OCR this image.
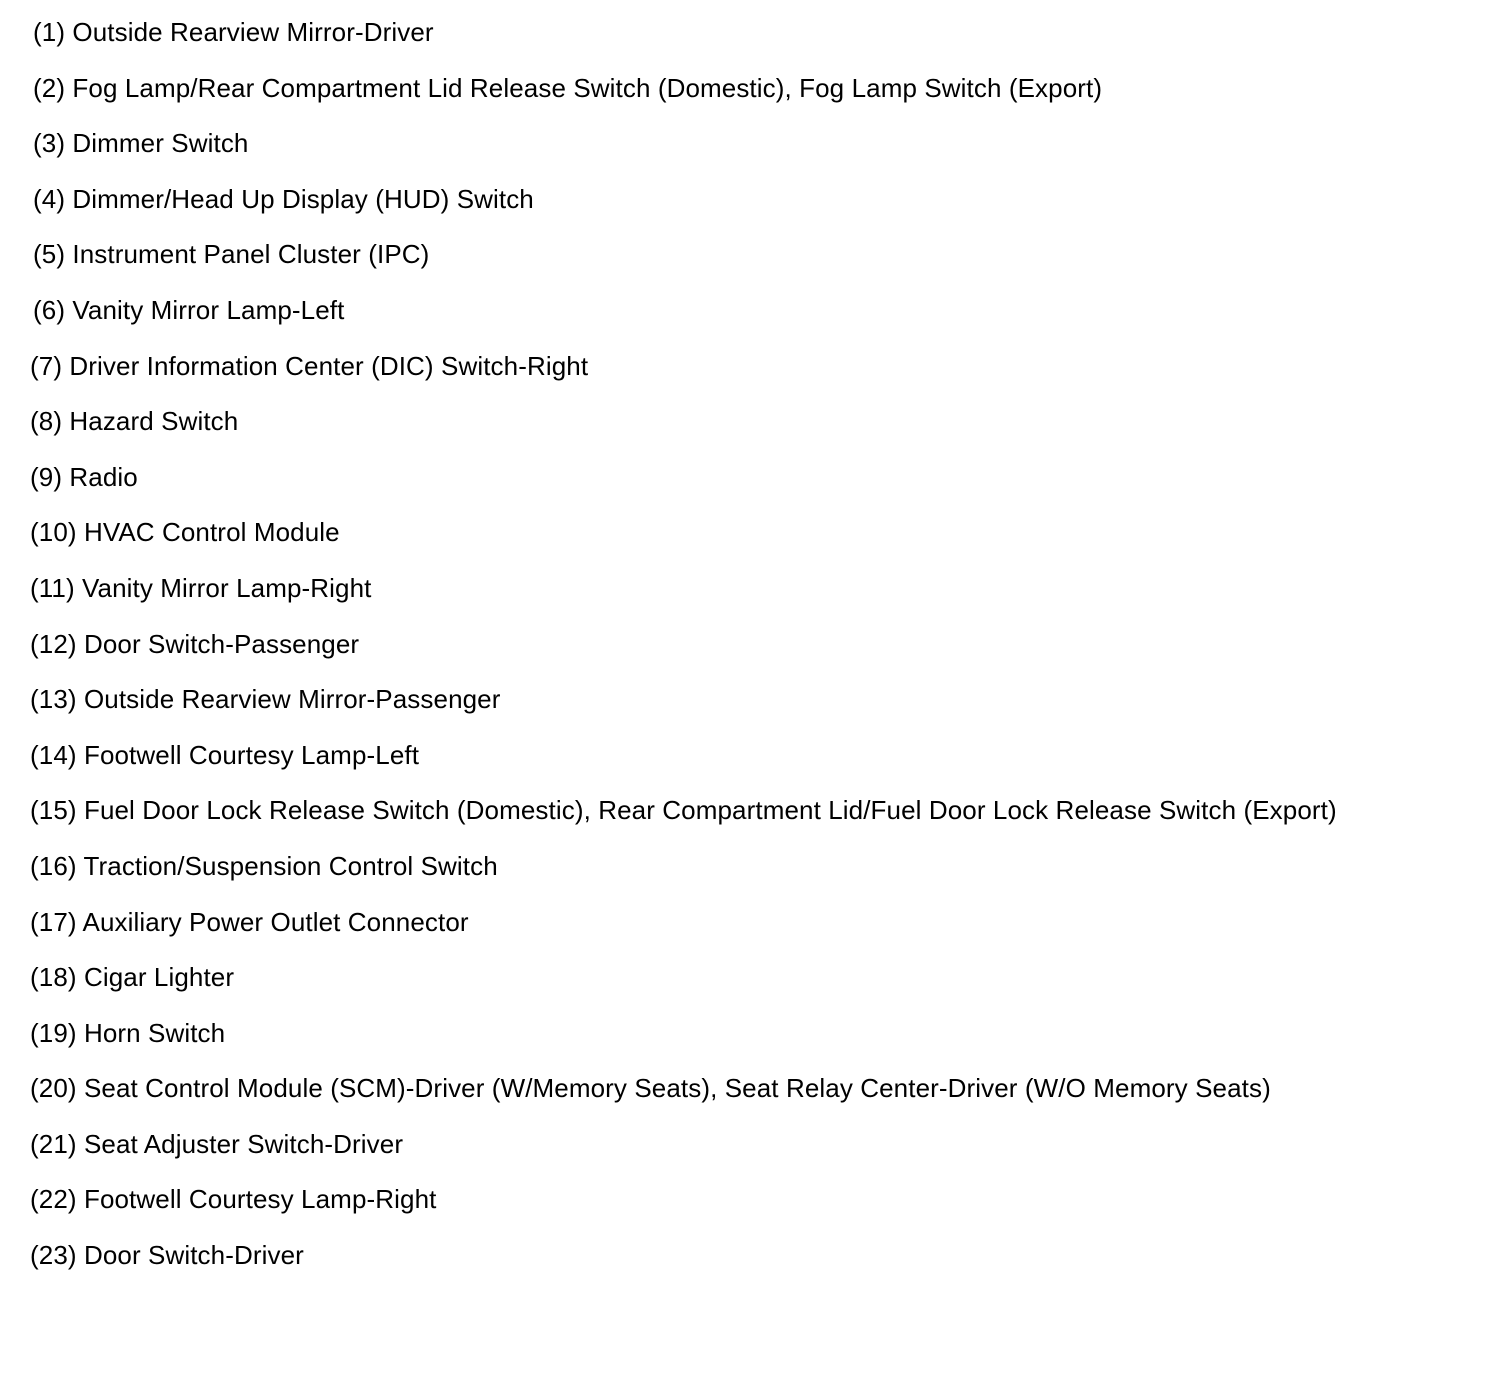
(1) Outside Rearview Mirror-Driver
(2) Fog Lamp/Rear Compartment Lid Release Switch (Domestic), Fog Lamp Switch (Export)
(3) Dimmer Switch
(4) Dimmer/Head Up Display (HUD) Switch
(5) Instrument Panel Cluster (IPC)
(6) Vanity Mirror Lamp-Left
(7) Driver Information Center (DIC) Switch-Right
(8) Hazard Switch
(9) Radio
(10) HVAC Control Module
(11) Vanity Mirror Lamp-Right
(12) Door Switch-Passenger
(13) Outside Rearview Mirror-Passenger
(14) Footwell Courtesy Lamp-Left
(15) Fuel Door Lock Release Switch (Domestic), Rear Compartment Lid/Fuel Door Lock Release Switch (Export)
(16) Traction/Suspension Control Switch
(17) Auxiliary Power Outlet Connector
(18) Cigar Lighter
(19) Horn Switch
(20) Seat Control Module (SCM)-Driver (W/Memory Seats), Seat Relay Center-Driver (W/O Memory Seats)
(21) Seat Adjuster Switch-Driver
(22) Footwell Courtesy Lamp-Right
(23) Door Switch-Driver
